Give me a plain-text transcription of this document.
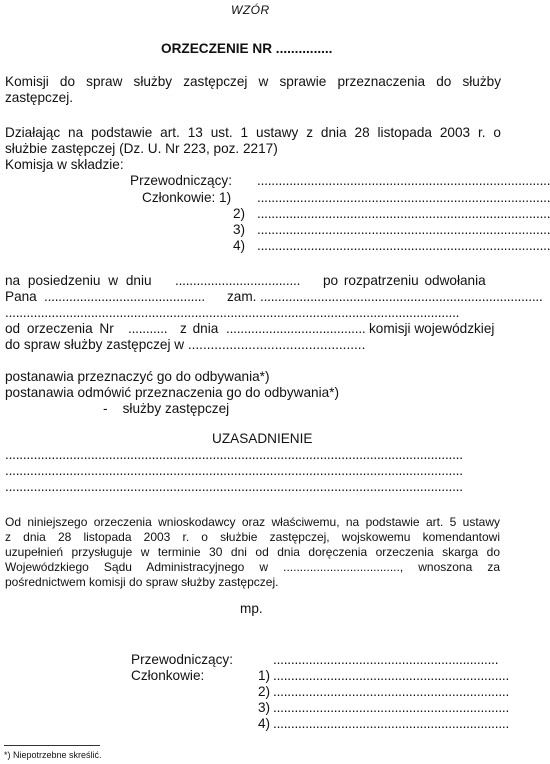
WZÓR
ORZECZENIE NR ...............
Komisji do spraw służby zastępczej w sprawie przeznaczenia do służby
zastępczej.
Działając na podstawie art. 13 ust. 1 ustawy z dnia 28 listopada 2003 r. o
służbie zastępczej (Dz. U. Nr 223, poz. 2217)
Komisja w składzie:
Przewodniczący: ..................................................................................
Członkowie: 1) ..................................................................................
2) ..................................................................................
3) ..................................................................................
4) ..................................................................................
na posiedzeniu w dniu ...................................	po rozpatrzeniu odwołania
Pana .............................................	zam. ...............................................................................
...............................................................................................................................
od orzeczenia Nr ........... z dnia ....................................... komisji wojewódzkiej
do spraw służby zastępczej w ...............................................
postanawia przeznaczyć go do odbywania*)
postanawia odmówić przeznaczenia go do odbywania*)
-    służby zastępczej
UZASADNIENIE
................................................................................................................................
................................................................................................................................
................................................................................................................................
Od niniejszego orzeczenia wnioskodawcy oraz właściwemu, na podstawie art. 5 ustawy
z dnia 28 listopada 2003 r. o służbie zastępczej, wojskowemu komendantowi
uzupełnień przysługuje w terminie 30 dni od dnia doręczenia orzeczenia skarga do
Wojewódzkiego Sądu Administracyjnego w ..................................., wnoszona za
pośrednictwem komisji do spraw służby zastępczej.
mp.
Przewodniczący:	...............................................................
Członkowie:	1) ..................................................................
2) ..................................................................
3) ..................................................................
4) ..................................................................
*) Niepotrzebne skreślić.
